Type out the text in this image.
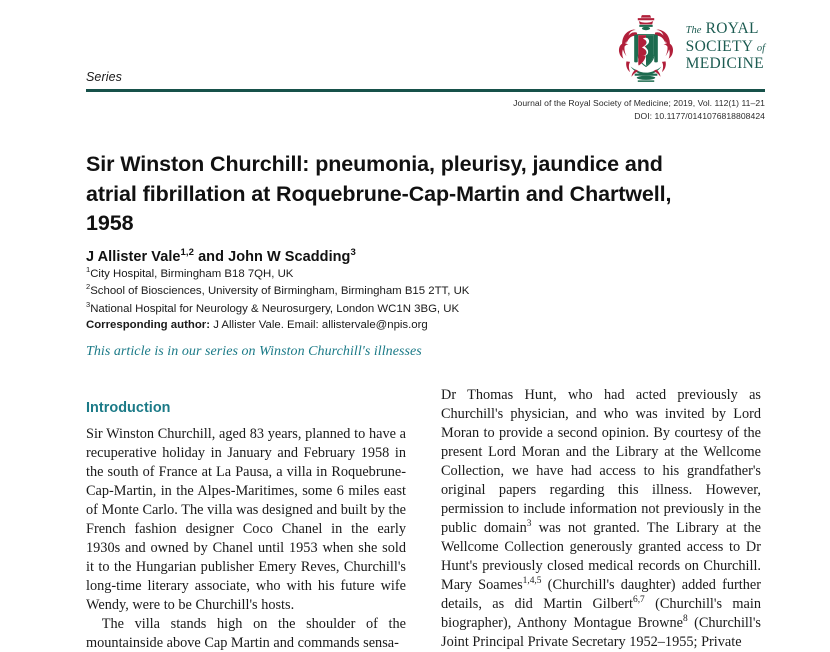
Series
The ROYAL
SOCIETY of
MEDICINE
Journal of the Royal Society of Medicine; 2019, Vol. 112(1) 11–21
DOI: 10.1177/0141076818808424
Sir Winston Churchill: pneumonia, pleurisy, jaundice and atrial fibrillation at Roquebrune-Cap-Martin and Chartwell, 1958
J Allister Vale$^{1,2}$ and John W Scadding$^3$
$^1$City Hospital, Birmingham B18 7QH, UK
$^2$School of Biosciences, University of Birmingham, Birmingham B15 2TT, UK
$^3$National Hospital for Neurology & Neurosurgery, London WC1N 3BG, UK
Corresponding author: J Allister Vale. Email: allistervale@npis.org
This article is in our series on Winston Churchill's illnesses
Introduction

Sir Winston Churchill, aged 83 years, planned to have a recuperative holiday in January and February 1958 in the south of France at La Pausa, a villa in Roquebrune-Cap-Martin, in the Alpes-Maritimes, some 6 miles east of Monte Carlo. The villa was designed and built by the French fashion designer Coco Chanel in the early 1930s and owned by Chanel until 1953 when she sold it to the Hungarian publisher Emery Reves, Churchill's long-time literary associate, who with his future wife Wendy, were to be Churchill's hosts.

The villa stands high on the shoulder of the mountainside above Cap Martin and commands sensa-

Dr Thomas Hunt, who had acted previously as Churchill's physician, and who was invited by Lord Moran to provide a second opinion. By courtesy of the present Lord Moran and the Library at the Wellcome Collection, we have had access to his grandfather's original papers regarding this illness. However, permission to include information not previously in the public domain$^3$ was not granted. The Library at the Wellcome Collection generously granted access to Dr Hunt's previously closed medical records on Churchill. Mary Soames$^{1,4,5}$ (Churchill's daughter) added further details, as did Martin Gilbert$^{6,7}$ (Churchill's main biographer), Anthony Montague Browne$^8$ (Churchill's Joint Principal Private Secretary 1952–1955; Private
